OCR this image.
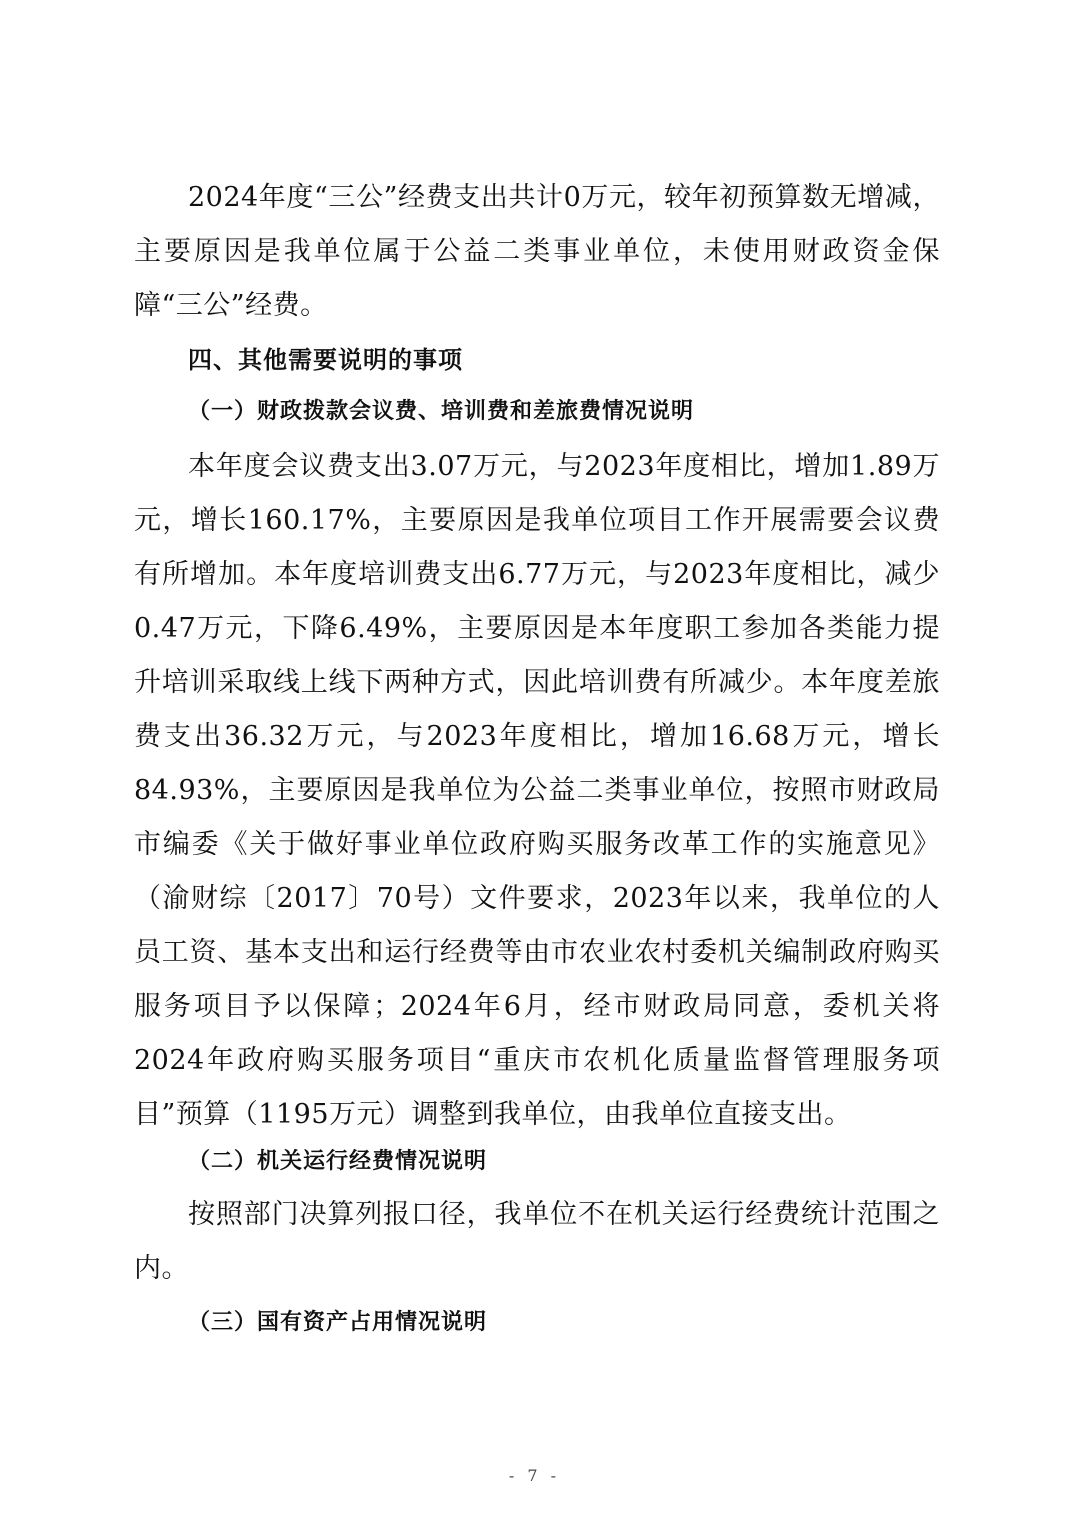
2024年度“三公”经费支出共计0万元，较年初预算数无增减，主要原因是我单位属于公益二类事业单位，未使用财政资金保障“三公”经费。

四、其他需要说明的事项
（一）财政拨款会议费、培训费和差旅费情况说明

本年度会议费支出3.07万元，与2023年度相比，增加1.89万元，增长160.17%，主要原因是我单位项目工作开展需要会议费有所增加。本年度培训费支出6.77万元，与2023年度相比，减少0.47万元，下降6.49%，主要原因是本年度职工参加各类能力提升培训采取线上线下两种方式，因此培训费有所减少。本年度差旅费支出36.32万元，与2023年度相比，增加16.68万元，增长84.93%，主要原因是我单位为公益二类事业单位，按照市财政局市编委《关于做好事业单位政府购买服务改革工作的实施意见》（渝财综〔2017〕70号）文件要求，2023年以来，我单位的人员工资、基本支出和运行经费等由市农业农村委机关编制政府购买服务项目予以保障；2024年6月，经市财政局同意，委机关将2024年政府购买服务项目“重庆市农机化质量监督管理服务项目”预算（1195万元）调整到我单位，由我单位直接支出。

（二）机关运行经费情况说明

按照部门决算列报口径，我单位不在机关运行经费统计范围之内。

（三）国有资产占用情况说明
- 7 -
